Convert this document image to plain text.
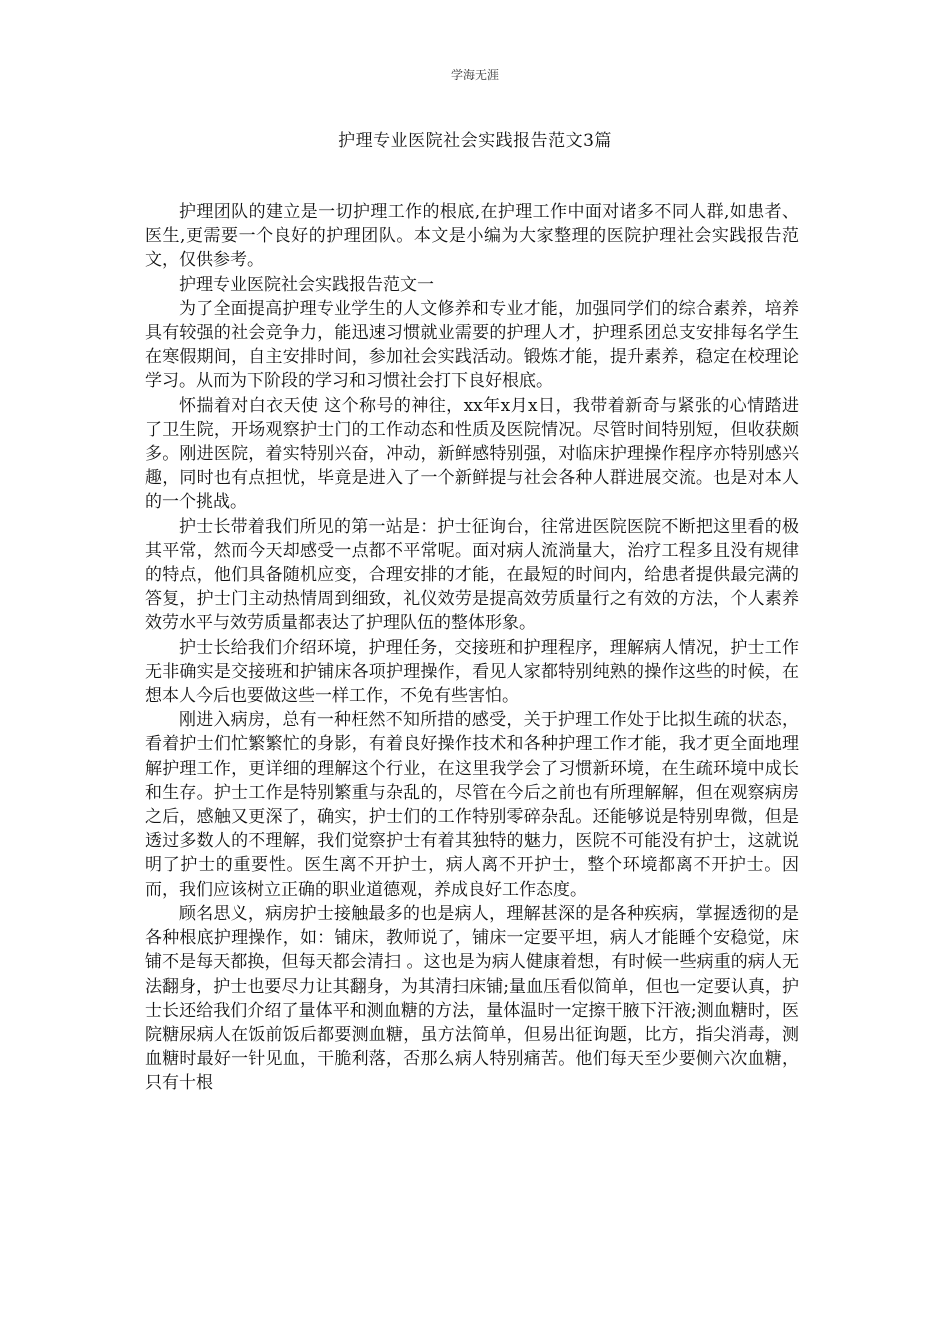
学海无涯
护理专业医院社会实践报告范文3篇

护理团队的建立是一切护理工作的根底,在护理工作中面对诸多不同人群,如患者、医生,更需要一个良好的护理团队。本文是小编为大家整理的医院护理社会实践报告范文，仅供参考。

护理专业医院社会实践报告范文一

为了全面提高护理专业学生的人文修养和专业才能，加强同学们的综合素养，培养具有较强的社会竞争力，能迅速习惯就业需要的护理人才，护理系团总支安排每名学生在寒假期间，自主安排时间，参加社会实践活动。锻炼才能，提升素养，稳定在校理论学习。从而为下阶段的学习和习惯社会打下良好根底。

怀揣着对白衣天使 这个称号的神往，xx年x月x日，我带着新奇与紧张的心情踏进了卫生院，开场观察护士门的工作动态和性质及医院情况。尽管时间特别短，但收获颇多。刚进医院，着实特别兴奋，冲动，新鲜感特别强，对临床护理操作程序亦特别感兴趣，同时也有点担忧，毕竟是进入了一个新鲜提与社会各种人群进展交流。也是对本人的一个挑战。

护士长带着我们所见的第一站是：护士征询台，往常进医院医院不断把这里看的极其平常，然而今天却感受一点都不平常呢。面对病人流淌量大，治疗工程多且没有规律的特点，他们具备随机应变，合理安排的才能，在最短的时间内，给患者提供最完满的答复，护士门主动热情周到细致，礼仪效劳是提高效劳质量行之有效的方法，个人素养效劳水平与效劳质量都表达了护理队伍的整体形象。

护士长给我们介绍环境，护理任务，交接班和护理程序，理解病人情况，护士工作无非确实是交接班和护铺床各项护理操作，看见人家都特别纯熟的操作这些的时候，在想本人今后也要做这些一样工作，不免有些害怕。

刚进入病房，总有一种枉然不知所措的感受，关于护理工作处于比拟生疏的状态，看着护士们忙繁繁忙的身影，有着良好操作技术和各种护理工作才能，我才更全面地理解护理工作，更详细的理解这个行业，在这里我学会了习惯新环境，在生疏环境中成长和生存。护士工作是特别繁重与杂乱的，尽管在今后之前也有所理解解，但在观察病房之后，感触又更深了，确实，护士们的工作特别零碎杂乱。还能够说是特别卑微，但是透过多数人的不理解，我们觉察护士有着其独特的魅力，医院不可能没有护士，这就说明了护士的重要性。医生离不开护士，病人离不开护士，整个环境都离不开护士。因而，我们应该树立正确的职业道德观，养成良好工作态度。

顾名思义，病房护士接触最多的也是病人，理解甚深的是各种疾病，掌握透彻的是各种根底护理操作，如：铺床，教师说了，铺床一定要平坦，病人才能睡个安稳觉，床铺不是每天都换，但每天都会清扫 。这也是为病人健康着想，有时候一些病重的病人无法翻身，护士也要尽力让其翻身，为其清扫床铺;量血压看似简单，但也一定要认真，护士长还给我们介绍了量体平和测血糖的方法，量体温时一定擦干腋下汗液;测血糖时，医院糖尿病人在饭前饭后都要测血糖，虽方法简单，但易出征询题，比方，指尖消毒，测血糖时最好一针见血，干脆利落，否那么病人特别痛苦。他们每天至少要侧六次血糖，只有十根
